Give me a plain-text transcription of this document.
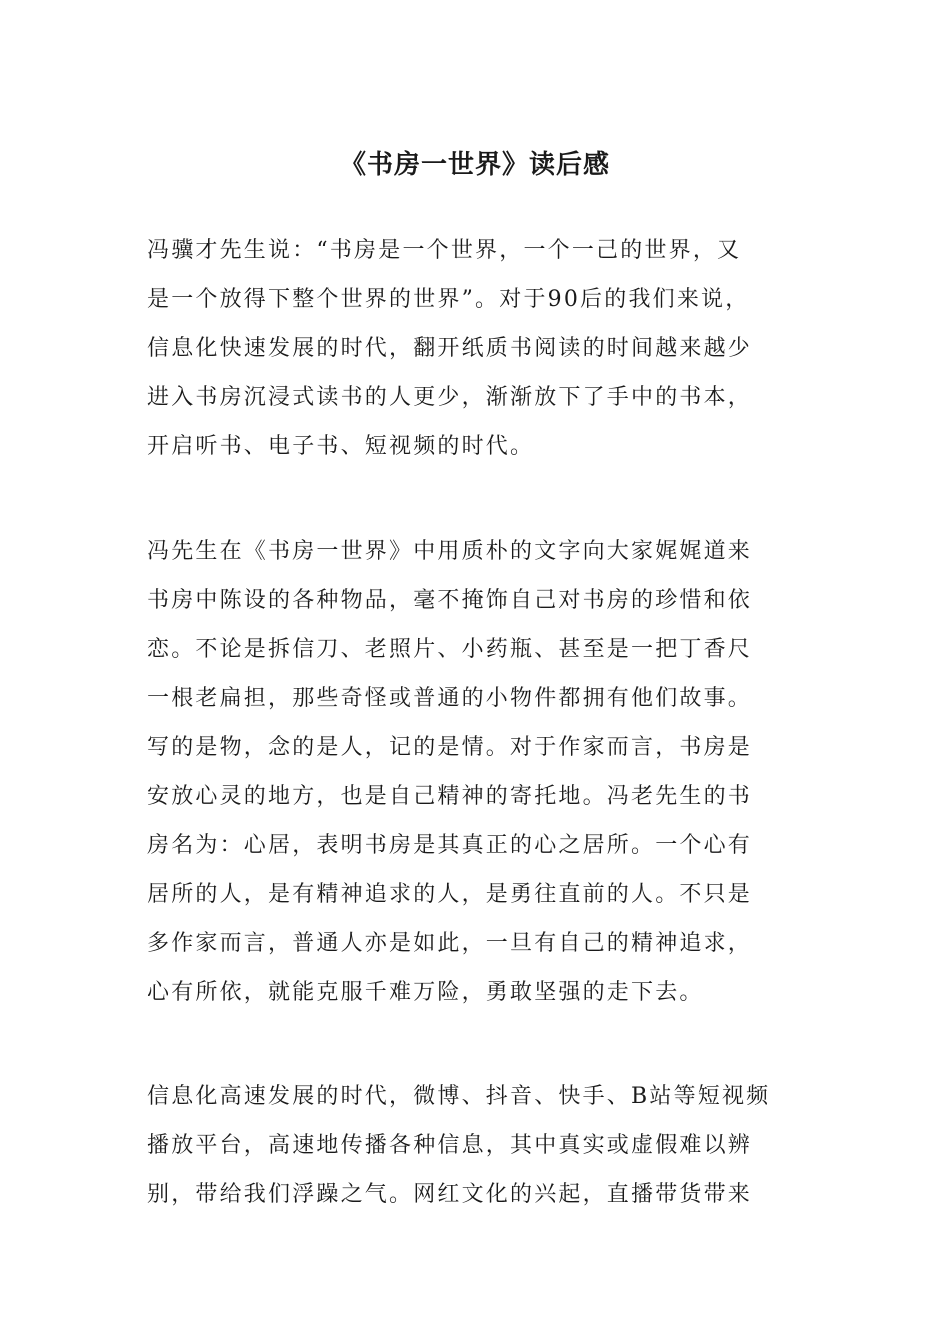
《书房一世界》读后感

冯骥才先生说：“书房是一个世界，一个一己的世界，又
是一个放得下整个世界的世界”。对于90后的我们来说，
信息化快速发展的时代，翻开纸质书阅读的时间越来越少
进入书房沉浸式读书的人更少，渐渐放下了手中的书本，
开启听书、电子书、短视频的时代。

冯先生在《书房一世界》中用质朴的文字向大家娓娓道来
书房中陈设的各种物品，毫不掩饰自己对书房的珍惜和依
恋。不论是拆信刀、老照片、小药瓶、甚至是一把丁香尺
一根老扁担，那些奇怪或普通的小物件都拥有他们故事。
写的是物，念的是人，记的是情。对于作家而言，书房是
安放心灵的地方，也是自己精神的寄托地。冯老先生的书
房名为：心居，表明书房是其真正的心之居所。一个心有
居所的人，是有精神追求的人，是勇往直前的人。不只是
多作家而言，普通人亦是如此，一旦有自己的精神追求，
心有所依，就能克服千难万险，勇敢坚强的走下去。

信息化高速发展的时代，微博、抖音、快手、B站等短视频
播放平台，高速地传播各种信息，其中真实或虚假难以辨
别，带给我们浮躁之气。网红文化的兴起，直播带货带来
